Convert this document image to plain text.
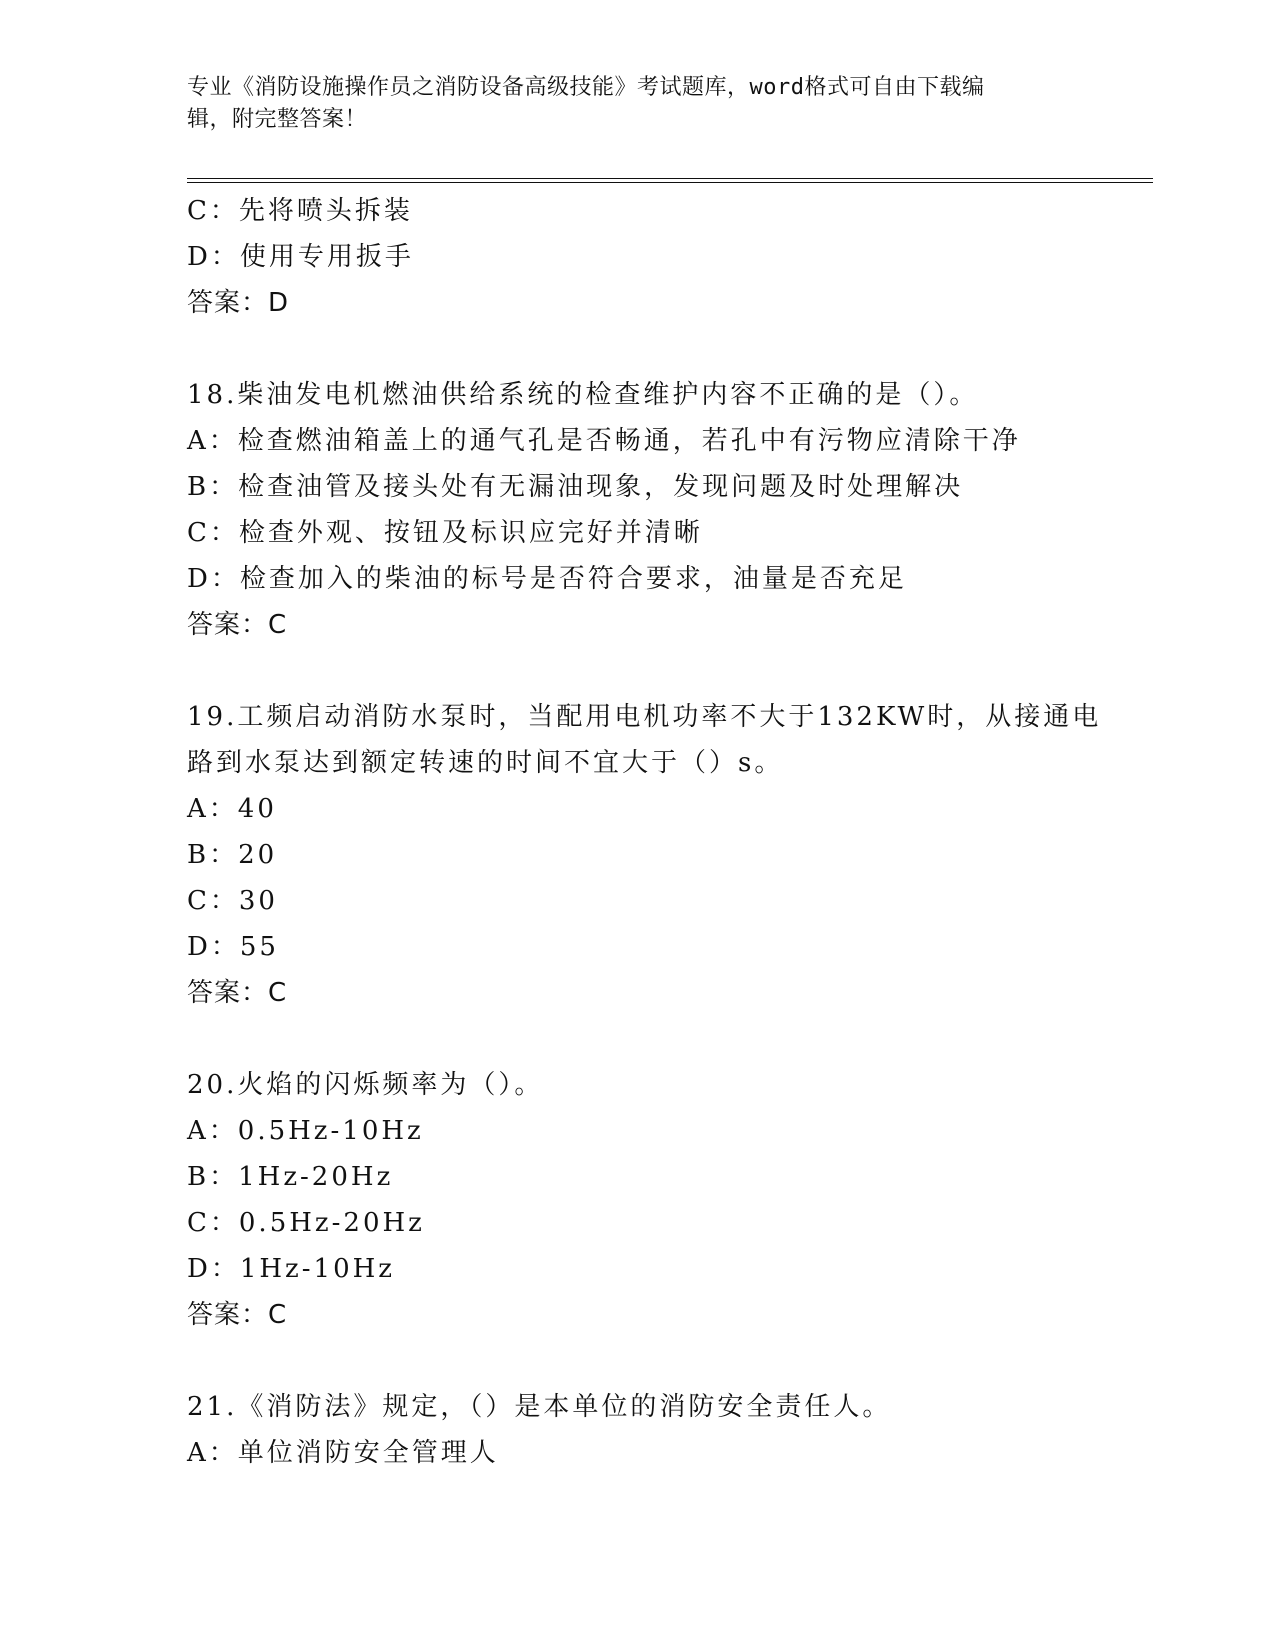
专业《消防设施操作员之消防设备高级技能》考试题库，word格式可自由下载编
辑，附完整答案！
C：先将喷头拆装
D：使用专用扳手
答案：D
18.柴油发电机燃油供给系统的检查维护内容不正确的是（）。
A：检查燃油箱盖上的通气孔是否畅通，若孔中有污物应清除干净
B：检查油管及接头处有无漏油现象，发现问题及时处理解决
C：检查外观、按钮及标识应完好并清晰
D：检查加入的柴油的标号是否符合要求，油量是否充足
答案：C
19.工频启动消防水泵时，当配用电机功率不大于132KW时，从接通电
路到水泵达到额定转速的时间不宜大于（）s。
A：40
B：20
C：30
D：55
答案：C
20.火焰的闪烁频率为（）。
A：0.5Hz-10Hz
B：1Hz-20Hz
C：0.5Hz-20Hz
D：1Hz-10Hz
答案：C
21.《消防法》规定，（）是本单位的消防安全责任人。
A：单位消防安全管理人
